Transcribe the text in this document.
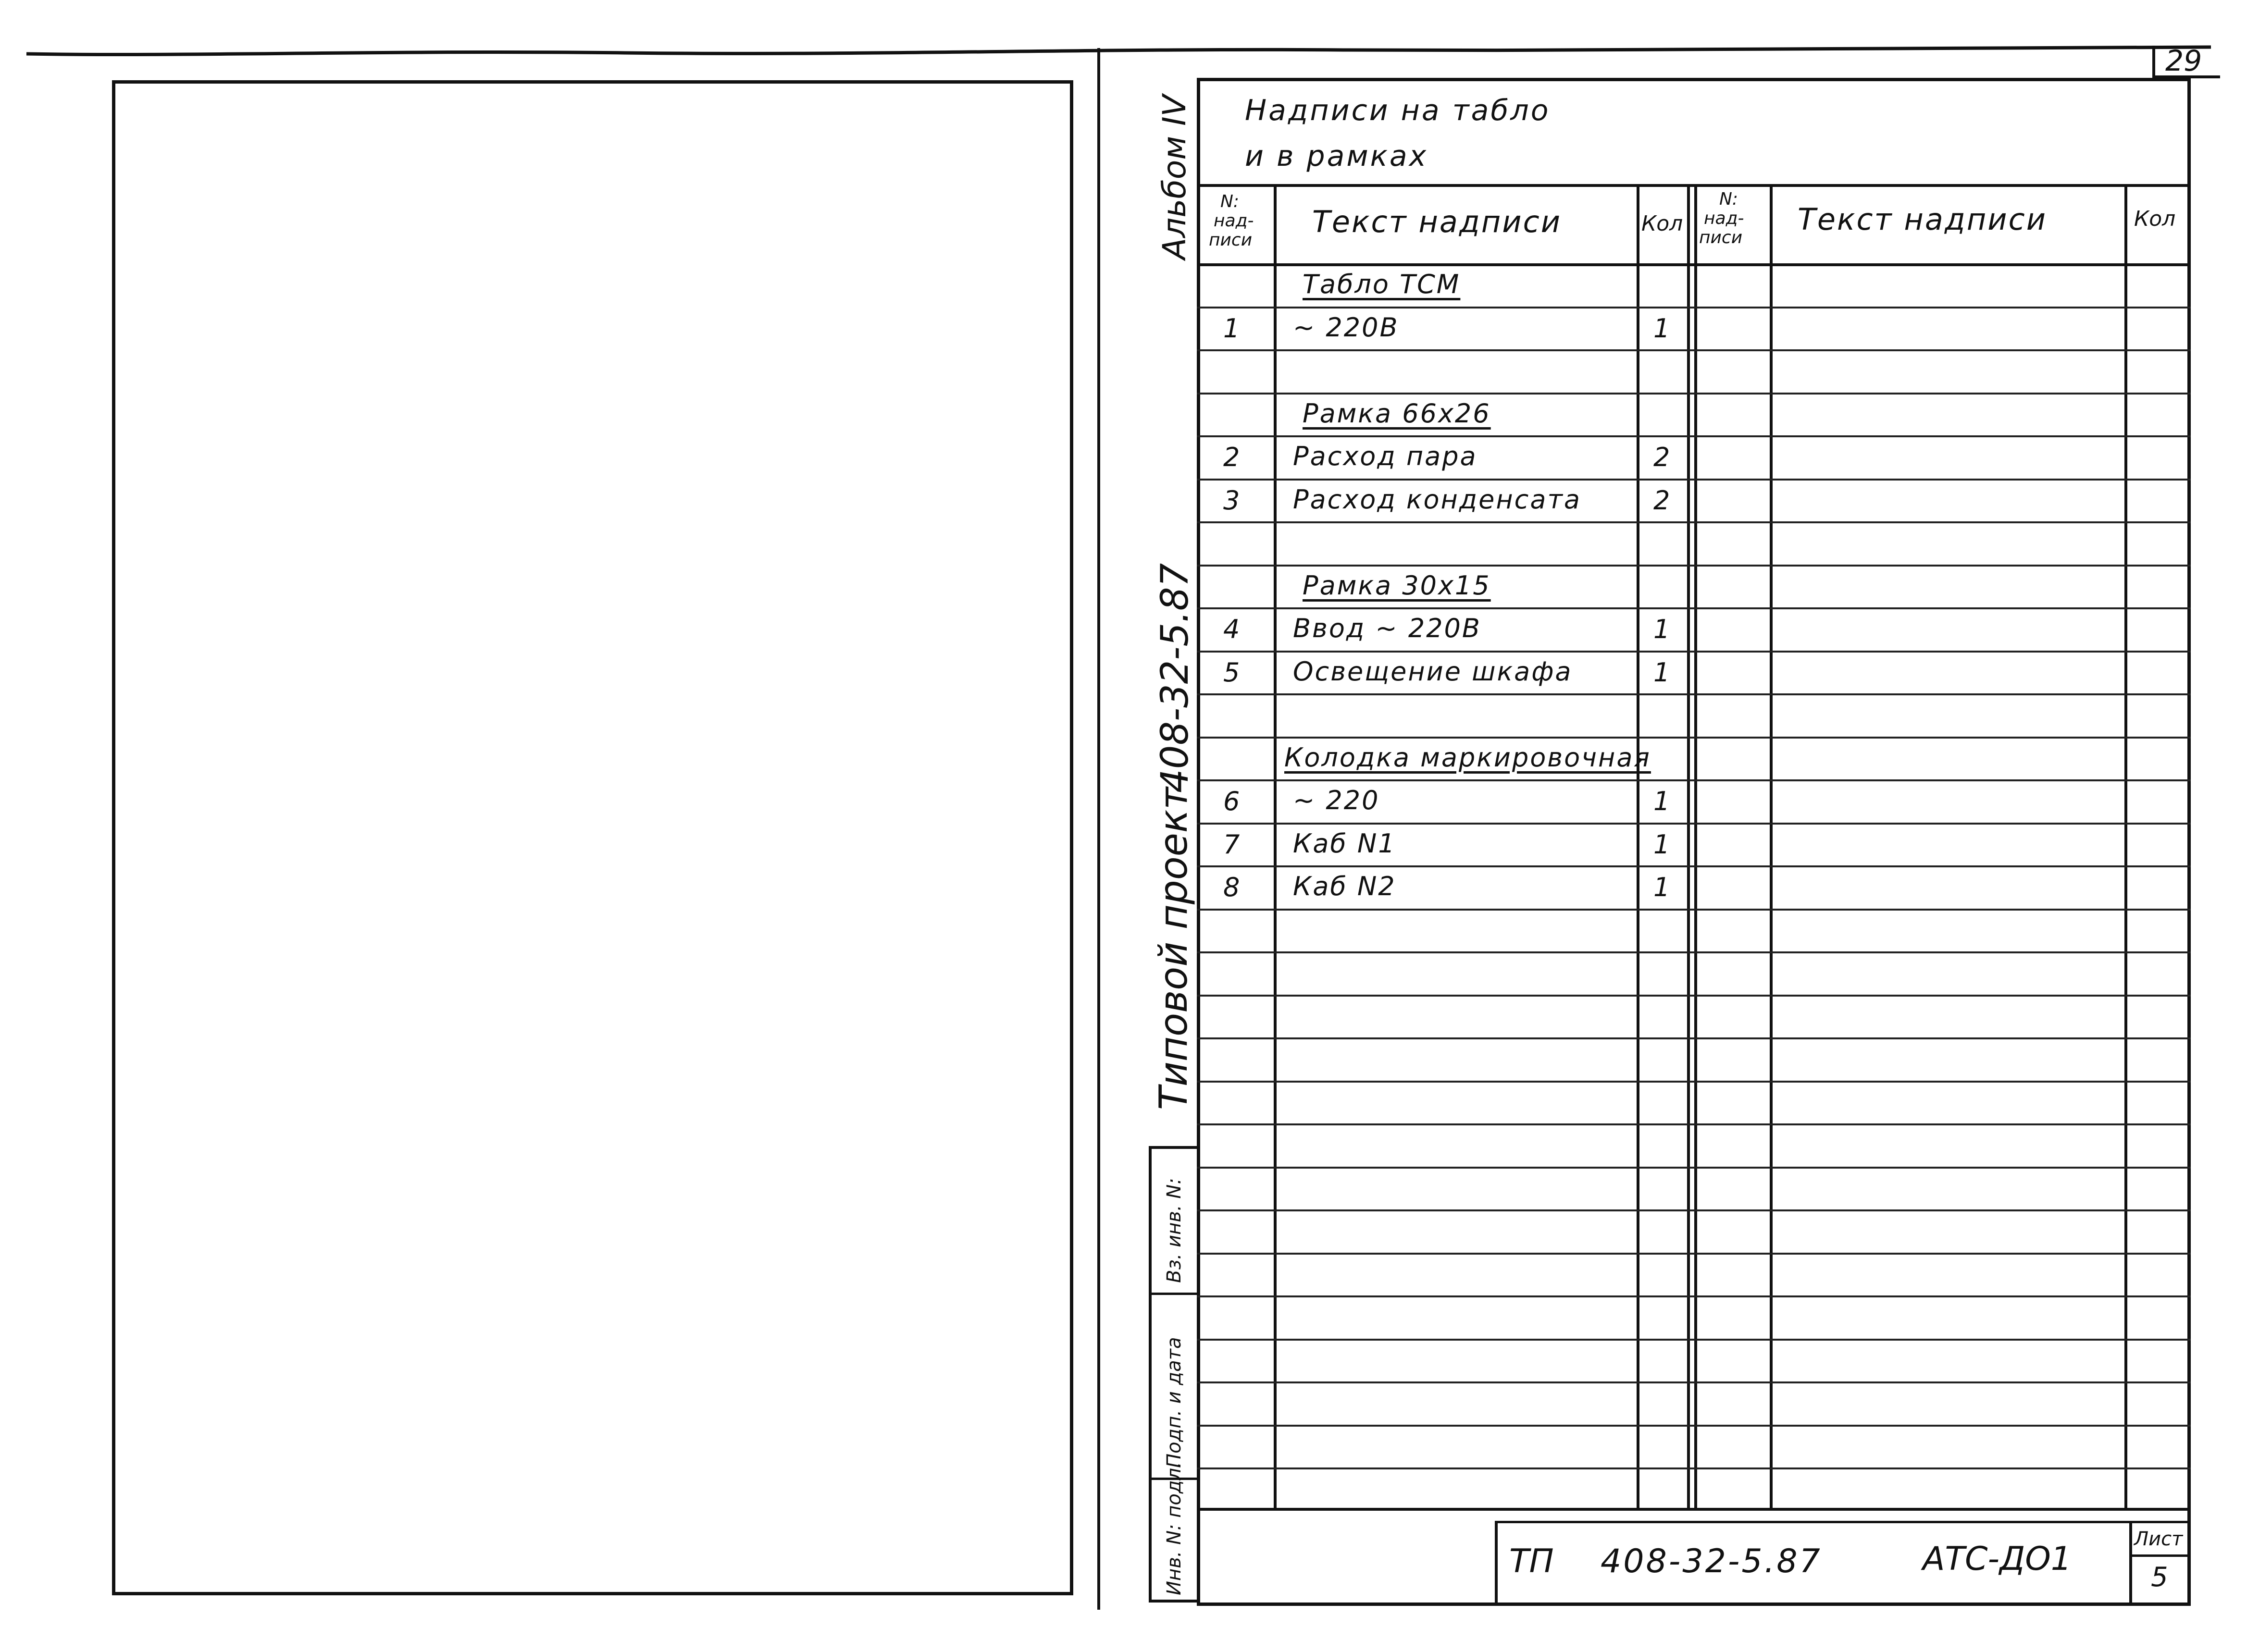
29
Альбом IV
408-32-5.87
Типовой проект
Вз. инв. N:
Подп. и дата
Инв. N: подл.
Надписи на табло
и в рамках
N:
над-
писи
Текст надписи	Кол
N:
над-
писи
Текст надписи	Кол
Табло ТСМ
1 ~ 220В	1
Рамка 66х26
2 Расход пара	2
3 Расход конденсата	2
Рамка 30х15
4 Ввод ~ 220В	1
5 Освещение шкафа	1
Колодка маркировочная
6 ~ 220	1
7 Каб N1	1
8 Каб N2	1
ТП 408-32-5.87	АТС-ДО1
Лист
5
